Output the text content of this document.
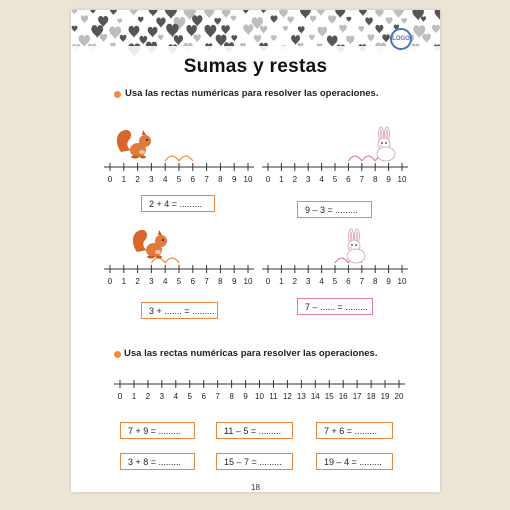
LOGO
Sumas y restas
Usa las rectas numéricas para resolver las operaciones.
0 1 2 3 4 5 6 7 8 9 10 0 1 2 3 4 5 6 7 8 9 10
0 1 2 3 4 5 6 7 8 9 10 0 1 2 3 4 5 6 7 8 9 10
0 1 2 3 4 5 6 7 8 9 10 11 12 13 14 15 16 17 18 19 20
2 + 4 = .........
9 – 3 = .........
3 + ....... = .........	7 – ...... = .........
Usa las rectas numéricas para resolver las operaciones.
7 + 9 = .........	11 – 5 = .........	7 + 6 = .........
3 + 8 = .........	15 – 7 = .........	19 – 4 = .........
18
